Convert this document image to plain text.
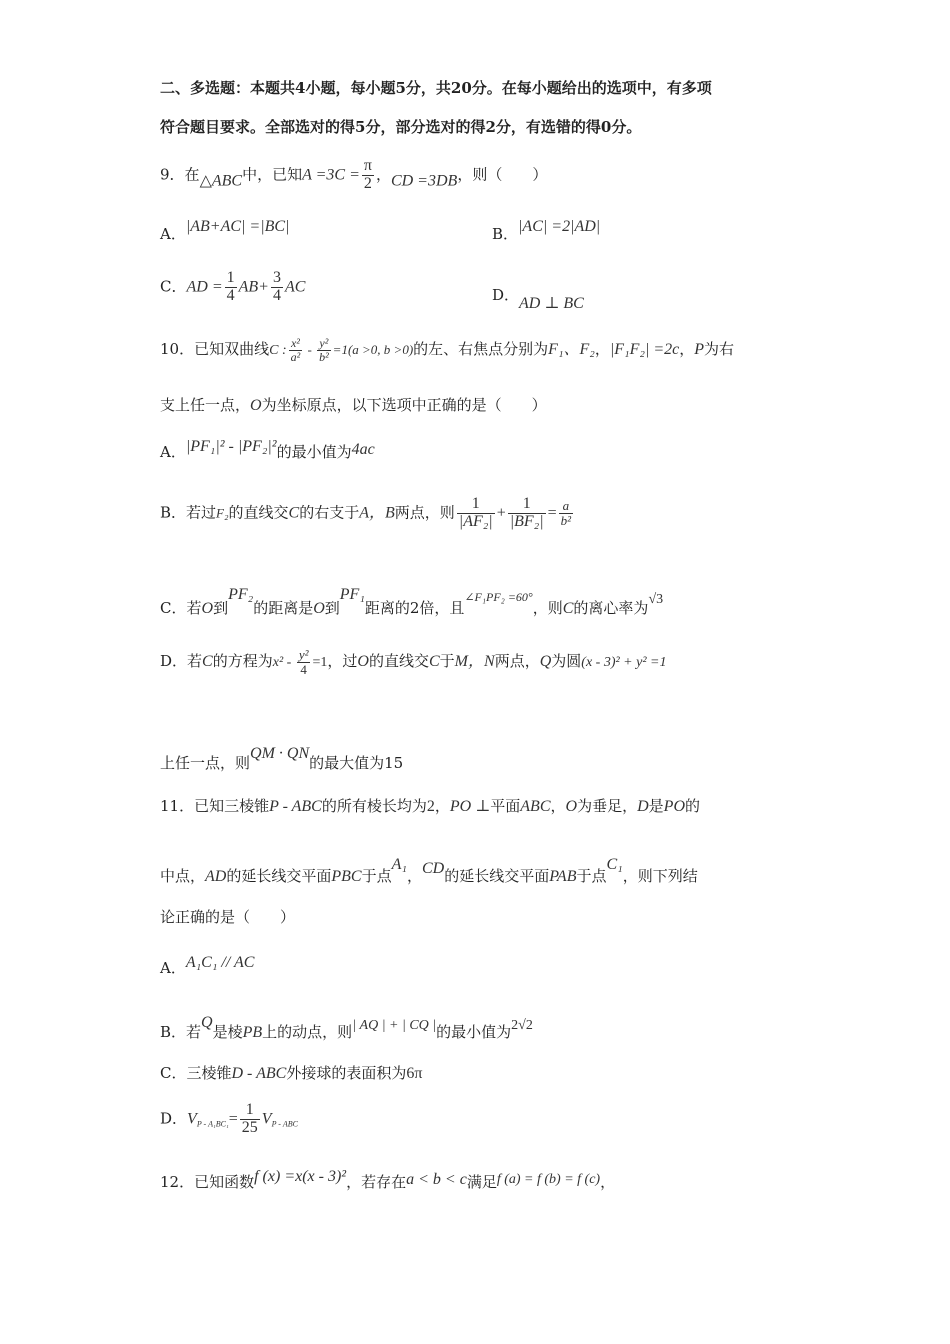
二、多选题：本题共4小题，每小题5分，共20分。在每小题给出的选项中，有多项
符合题目要求。全部选对的得5分，部分选对的得2分，有选错的得0分。
9．在△ABC中，已知$A =3C = \frac{\pi}{2}$ ，CD =3DB，则（　　）
A．|AB+AC| =|BC|	B．|AC| =2|AD|
C．AD = $\frac{1}{4} AB+ \frac{3}{4}$ AC	D．AD ⊥ BC
10．已知双曲线C : $\frac{\text{x²}}{\text{a²}} - \frac{\text{y²}}{\text{b²}} =1(a >0$, b >0)的左、右焦点分别为F₁、F₂，|F₁F₂| =2c，P为右
支上任一点，O为坐标原点，以下选项中正确的是（　　）
A．|PF₁|² - |PF₂|²的最小值为4ac
B．若过F₂的直线交C的右支于A，B两点，则 $\frac{1}{\text{|AF₂|}} + \frac{1}{\text{|BF₂|}} = \frac{a}{\text{b²}}$
C．若O到PF₂的距离是O到PF₁距离的2倍，且$^{\angle F_1PF_2 =60^\circ}$，则C的离心率为√3
D．若C的方程为$x^2 - \frac{\text{y²}}{4} =1$，过O的直线交C于M，N两点，Q为圆(x - 3)² + y² =1
上任一点，则QM · QN的最大值为15
11．已知三棱锥P - ABC的所有棱长均为2，PO ⊥平面ABC，O为垂足，D是PO的
中点，AD的延长线交平面PBC于点A₁，CD的延长线交平面PAB于点C₁，则下列结
论正确的是（　　）
A．A₁C₁ // AC
B．若Q是棱PB上的动点，则| AQ | + | CQ |的最小值为2√2
C．三棱锥D - ABC外接球的表面积为6π
D．$V_{P - A_1BC_1}= \frac{1}{25} V_{P - ABC}$
12．已知函数f (x) =x(x - 3)²，若存在a < b < c满足f (a) = f (b) = f (c)，
